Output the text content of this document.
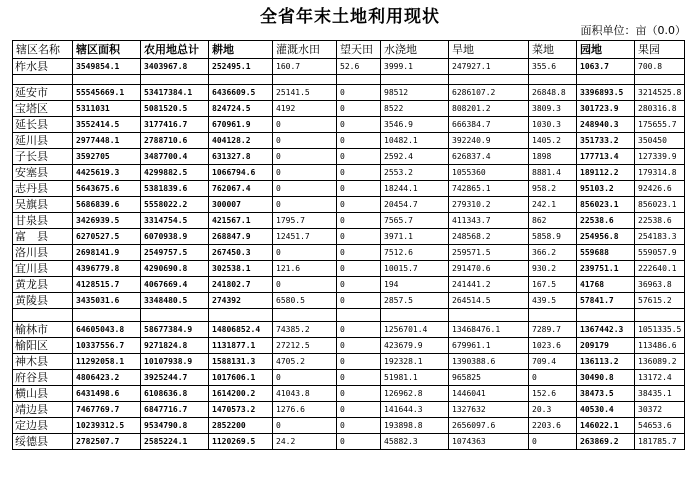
全省年末土地利用现状
面积单位：亩（0.0）
辖区名称	辖区面积	农用地总计	耕地	灌溉水田	望天田	水浇地	旱地	菜地	园地	果园
柞水县	3549854.1	3403967.8	252495.1	160.7	52.6	3999.1	247927.1	355.6	1063.7	700.8

延安市	55545669.1	53417384.1	6436609.5	25141.5	0	98512	6286107.2	26848.8	3396893.5	3214525.8
宝塔区	5311031	5081520.5	824724.5	4192	0	8522	808201.2	3809.3	301723.9	280316.8
延长县	3552414.5	3177416.7	670961.9	0	0	3546.9	666384.7	1030.3	248940.3	175655.7
延川县	2977448.1	2788710.6	404128.2	0	0	10482.1	392240.9	1405.2	351733.2	350450
子长县	3592705	3487700.4	631327.8	0	0	2592.4	626837.4	1898	177713.4	127339.9
安塞县	4425619.3	4299882.5	1066794.6	0	0	2553.2	1055360	8881.4	189112.2	179314.8
志丹县	5643675.6	5381839.6	762067.4	0	0	18244.1	742865.1	958.2	95103.2	92426.6
吴旗县	5686839.6	5558022.2	300007	0	0	20454.7	279310.2	242.1	856023.1	856023.1
甘泉县	3426939.5	3314754.5	421567.1	1795.7	0	7565.7	411343.7	862	22538.6	22538.6
富　县	6270527.5	6070938.9	268847.9	12451.7	0	3971.1	248568.2	5858.9	254956.8	254183.3
洛川县	2698141.9	2549757.5	267450.3	0	0	7512.6	259571.5	366.2	559688	559057.9
宜川县	4396779.8	4290690.8	302538.1	121.6	0	10015.7	291470.6	930.2	239751.1	222640.1
黄龙县	4128515.7	4067669.4	241802.7	0	0	194	241441.2	167.5	41768	36963.8
黄陵县	3435031.6	3348480.5	274392	6580.5	0	2857.5	264514.5	439.5	57841.7	57615.2

榆林市	64605043.8	58677384.9	14806852.4	74385.2	0	1256701.4	13468476.1	7289.7	1367442.3	1051335.5
榆阳区	10337556.7	9271824.8	1131877.1	27212.5	0	423679.9	679961.1	1023.6	209179	113486.6
神木县	11292058.1	10107938.9	1588131.3	4705.2	0	192328.1	1390388.6	709.4	136113.2	136089.2
府谷县	4806423.2	3925244.7	1017606.1	0	0	51981.1	965825	0	30490.8	13172.4
横山县	6431498.6	6108636.8	1614200.2	41043.8	0	126962.8	1446041	152.6	38473.5	38435.1
靖边县	7467769.7	6847716.7	1470573.2	1276.6	0	141644.3	1327632	20.3	40530.4	30372
定边县	10239312.5	9534790.8	2852200	0	0	193898.8	2656097.6	2203.6	146022.1	54653.6
绥德县	2782507.7	2585224.1	1120269.5	24.2	0	45882.3	1074363	0	263869.2	181785.7
